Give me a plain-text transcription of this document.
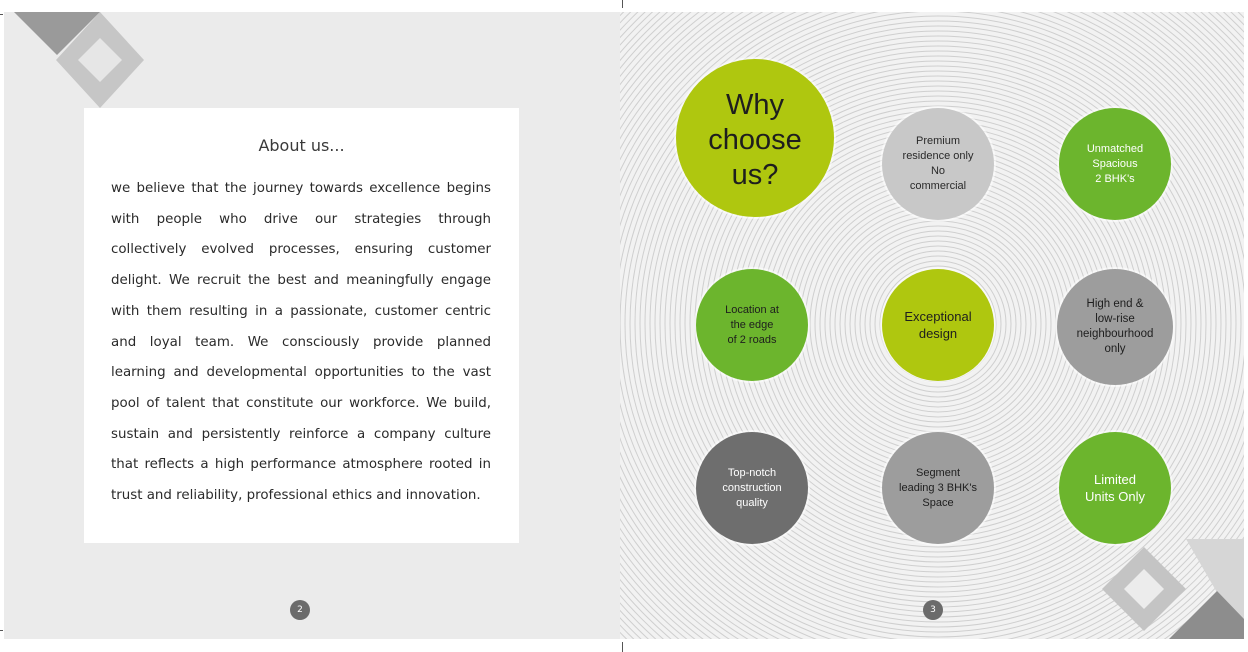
About us...

we believe that the journey towards excellence begins with people who drive our strategies through collectively evolved processes, ensuring customer delight. We recruit the best and meaningfully engage with them resulting in a passionate, customer centric and loyal team. We consciously provide planned learning and developmental opportunities to the vast pool of talent that constitute our workforce. We build, sustain and persistently reinforce a company culture that reflects a high performance atmosphere rooted in trust and reliability, professional ethics and innovation.

2
Why
choose
us?
Premium
residence only
No
commercial
Unmatched
Spacious
2 BHK's
Location at
the edge
of 2 roads
Exceptional
design
High end &
low-rise
neighbourhood
only
Top-notch
construction
quality
Segment
leading 3 BHK's
Space
Limited
Units Only
3
